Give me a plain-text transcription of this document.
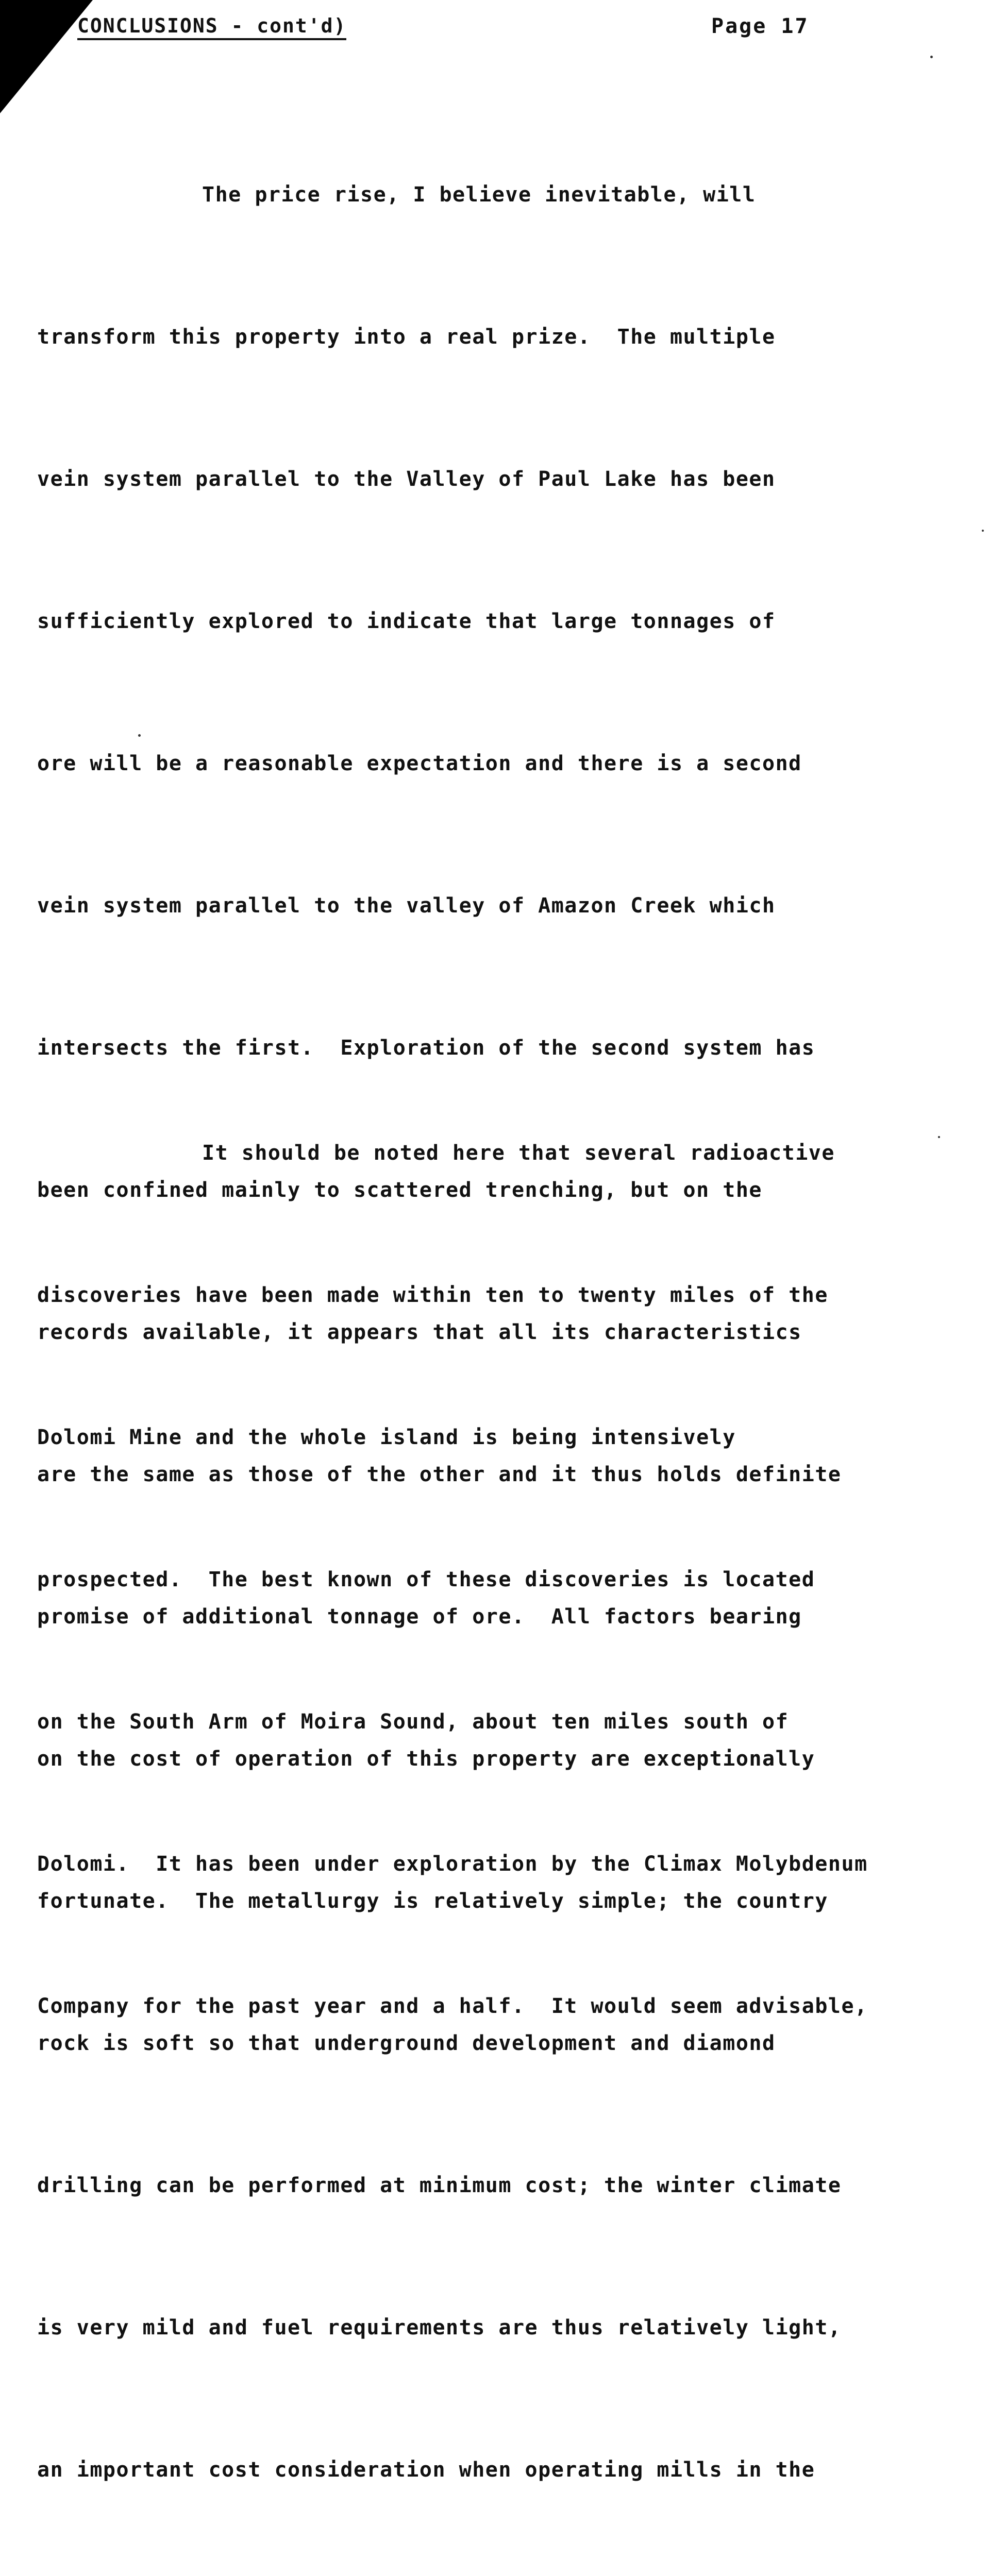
CONCLUSIONS - cont'd)	Page 17

The price rise, I believe inevitable, will

transform this property into a real prize.  The multiple

vein system parallel to the Valley of Paul Lake has been

sufficiently explored to indicate that large tonnages of

ore will be a reasonable expectation and there is a second

vein system parallel to the valley of Amazon Creek which

intersects the first.  Exploration of the second system has

been confined mainly to scattered trenching, but on the

records available, it appears that all its characteristics

are the same as those of the other and it thus holds definite

promise of additional tonnage of ore.  All factors bearing

on the cost of operation of this property are exceptionally

fortunate.  The metallurgy is relatively simple; the country

rock is soft so that underground development and diamond

drilling can be performed at minimum cost; the winter climate

is very mild and fuel requirements are thus relatively light,

an important cost consideration when operating mills in the

It should be noted here that several radioactive

discoveries have been made within ten to twenty miles of the

Dolomi Mine and the whole island is being intensively

prospected.  The best known of these discoveries is located

on the South Arm of Moira Sound, about ten miles south of

Dolomi.  It has been under exploration by the Climax Molybdenum

Company for the past year and a half.  It would seem advisable,
